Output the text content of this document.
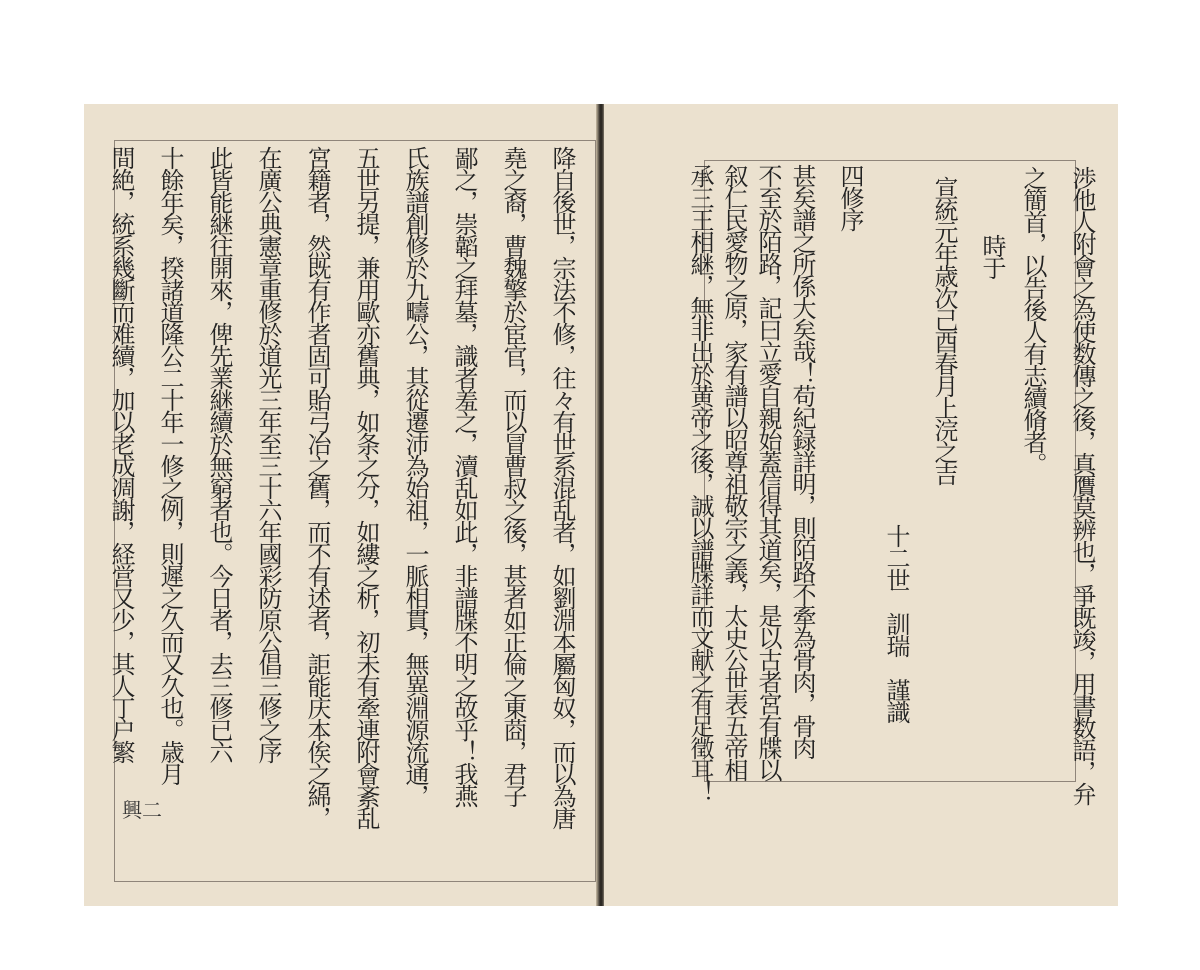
降自後世，宗法不修，往々有世系混乱者，如劉淵本屬匈奴，而以為唐
堯之裔，曹魏擎於宦官，而以冒曹叔之後，甚者如正倫之東莔，君子
鄙之，崇韜之拜墓，識者羞之，瀆乱如此，非譜牒不明之故乎！我燕
氏族譜創修於九疇公，其從遷沛為始祖，一脈相貫，無異淵源流通，
五世另提，兼用歐亦舊典，如条之分，如縷之析，初未有牽連附會紊乱
宮籍者，然既有作者固可貽弓冶之舊，而不有述者，詎能庆本俟之綿，
在廣公典憲章重修於道光三年至三十六年國彩防原公倡三修之序
此皆能継往開來，俾先業継續於無窮者也。今日者，去三修已六
十餘年矣，揆諸道隆公二十年一修之例，則遲之久而又久也。歳月
間絶，統系幾斷而难續，加以老成凋謝，経営又少，其人丁户繁
興二
渉他人附會之為使数傳之後，真贋莫辨也，爭既竣，用書数語，弁
之簡首，以告後人有志續脩者。
時于
宣統元年歳次己酉春月上浣之吉
十二世　訓瑞　謹識
四修序
甚矣譜之所係大矣哉！苟紀録詳明，則陌路不牽為骨肉，骨肉
不至於陌路，記曰立愛自親始蓋信得其道矣，是以古者宮有牒以
叙仁民愛物之原，家有譜以昭尊祖敬宗之義，太史公世表五帝相
承三王相継，無非出於黄帝之後，誠以譜牒詳而文献之有足徵耳！
